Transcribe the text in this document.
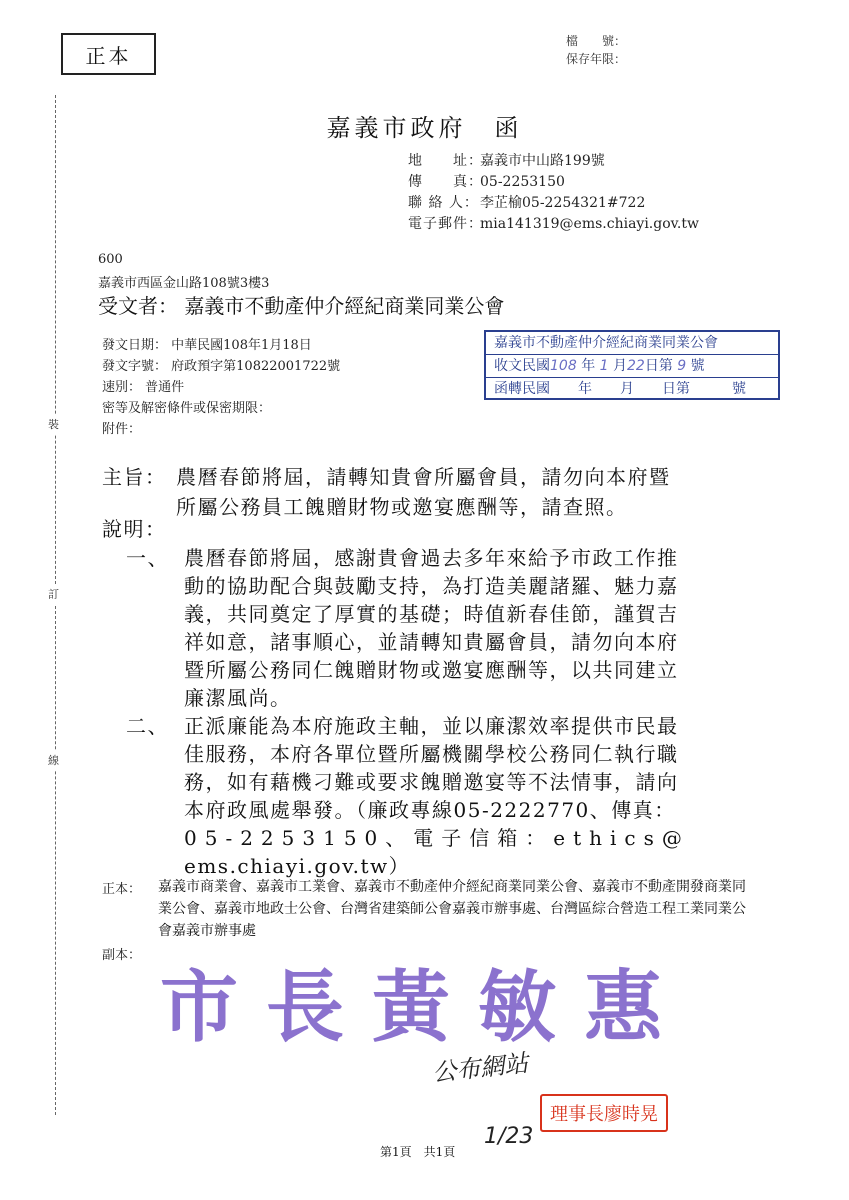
正本
檔　　號：
保存年限：
裝
訂
線
嘉義市政府　函
地　　址：嘉義市中山路199號
傳　　真：05-2253150
聯 絡 人：李芷榆05-2254321#722
電子郵件：mia141319@ems.chiayi.gov.tw
600
嘉義市西區金山路108號3樓3
受文者： 嘉義市不動產仲介經紀商業同業公會
發文日期： 中華民國108年1月18日
發文字號： 府政預字第10822001722號
速別： 普通件
密等及解密條件或保密期限：
附件：
嘉義市不動產仲介經紀商業同業公會
收文民國108 年 1 月22日第 9 號
函轉民國　　年　　月　　日第　　　號
主旨： 農曆春節將屆，請轉知貴會所屬會員，請勿向本府暨
所屬公務員工餽贈財物或邀宴應酬等，請查照。
說明：
一、 農曆春節將屆，感謝貴會過去多年來給予市政工作推
動的協助配合與鼓勵支持，為打造美麗諸羅、魅力嘉
義，共同奠定了厚實的基礎；時值新春佳節，謹賀吉
祥如意，諸事順心，並請轉知貴屬會員，請勿向本府
暨所屬公務同仁餽贈財物或邀宴應酬等，以共同建立
廉潔風尚。
二、 正派廉能為本府施政主軸，並以廉潔效率提供市民最
佳服務，本府各單位暨所屬機關學校公務同仁執行職
務，如有藉機刁難或要求餽贈邀宴等不法情事，請向
本府政風處舉發。（廉政專線05-2222770、傳真：
05-2253150、電子信箱：ethics@
ems.chiayi.gov.tw）
正本： 嘉義市商業會、嘉義市工業會、嘉義市不動產仲介經紀商業同業公會、嘉義市不動產開發商業同業公會、嘉義市地政士公會、台灣省建築師公會嘉義市辦事處、台灣區綜合營造工程工業同業公會嘉義市辦事處
副本：
市長黃敏惠
公布網站
理事長廖時晃
第1頁　共1頁
1/23
